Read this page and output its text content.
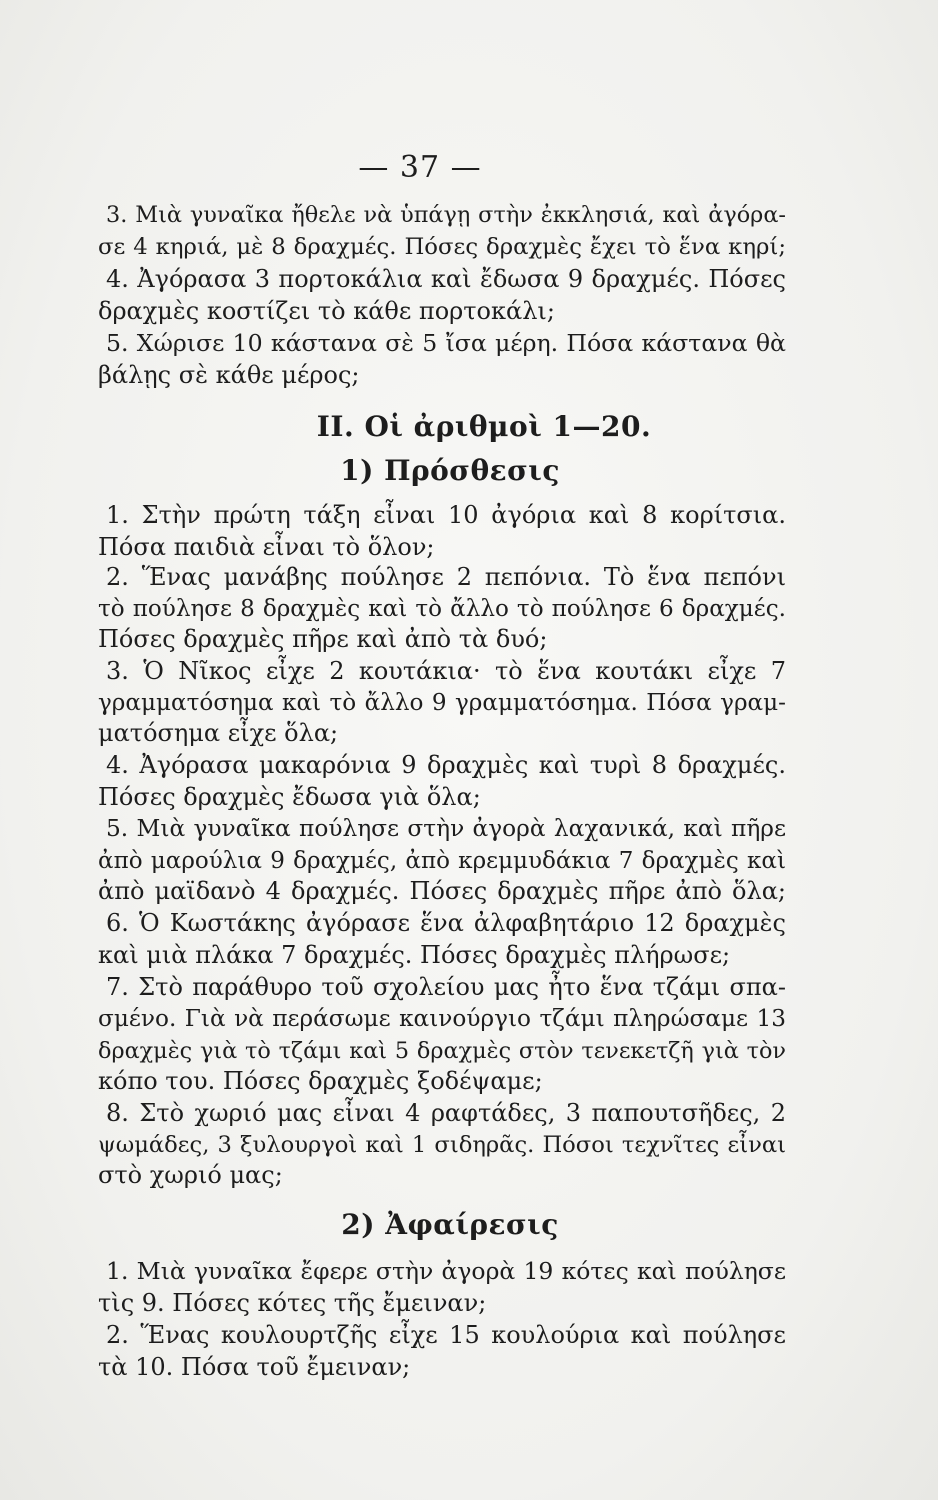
— 37 —
3. Μιὰ γυναῖκα ἤθελε νὰ ὑπάγῃ στὴν ἐκκλησιά, καὶ ἀγόρα-
σε 4 κηριά, μὲ 8 δραχμές. Πόσες δραχμὲς ἔχει τὸ ἕνα κηρί;
4. Ἀγόρασα 3 πορτοκάλια καὶ ἔδωσα 9 δραχμές. Πόσες
δραχμὲς κοστίζει τὸ κάθε πορτοκάλι;
5. Χώρισε 10 κάστανα σὲ 5 ἴσα μέρη. Πόσα κάστανα θὰ
βάλῃς σὲ κάθε μέρος;
II. Οἱ ἀριθμοὶ 1—20.
1) Πρόσθεσις
1. Στὴν πρώτη τάξη εἶναι 10 ἀγόρια καὶ 8 κορίτσια.
Πόσα παιδιὰ εἶναι τὸ ὅλον;
2. Ἕνας μανάβης πούλησε 2 πεπόνια. Τὸ ἕνα πεπόνι
τὸ πούλησε 8 δραχμὲς καὶ τὸ ἄλλο τὸ πούλησε 6 δραχμές.
Πόσες δραχμὲς πῆρε καὶ ἀπὸ τὰ δυό;
3. Ὁ Νῖκος εἶχε 2 κουτάκια· τὸ ἕνα κουτάκι εἶχε 7
γραμματόσημα καὶ τὸ ἄλλο 9 γραμματόσημα. Πόσα γραμ-
ματόσημα εἶχε ὅλα;
4. Ἀγόρασα μακαρόνια 9 δραχμὲς καὶ τυρὶ 8 δραχμές.
Πόσες δραχμὲς ἔδωσα γιὰ ὅλα;
5. Μιὰ γυναῖκα πούλησε στὴν ἀγορὰ λαχανικά, καὶ πῆρε
ἀπὸ μαρούλια 9 δραχμές, ἀπὸ κρεμμυδάκια 7 δραχμὲς καὶ
ἀπὸ μαϊδανὸ 4 δραχμές. Πόσες δραχμὲς πῆρε ἀπὸ ὅλα;
6. Ὁ Κωστάκης ἀγόρασε ἕνα ἀλφαβητάριο 12 δραχμὲς
καὶ μιὰ πλάκα 7 δραχμές. Πόσες δραχμὲς πλήρωσε;
7. Στὸ παράθυρο τοῦ σχολείου μας ἦτο ἕνα τζάμι σπα-
σμένο. Γιὰ νὰ περάσωμε καινούργιο τζάμι πληρώσαμε 13
δραχμὲς γιὰ τὸ τζάμι καὶ 5 δραχμὲς στὸν τενεκετζῆ γιὰ τὸν
κόπο του. Πόσες δραχμὲς ξοδέψαμε;
8. Στὸ χωριό μας εἶναι 4 ραφτάδες, 3 παπουτσῆδες, 2
ψωμάδες, 3 ξυλουργοὶ καὶ 1 σιδηρᾶς. Πόσοι τεχνῖτες εἶναι
στὸ χωριό μας;
2) Ἀφαίρεσις
1. Μιὰ γυναῖκα ἔφερε στὴν ἀγορὰ 19 κότες καὶ πούλησε
τὶς 9. Πόσες κότες τῆς ἔμειναν;
2. Ἕνας κουλουρτζῆς εἶχε 15 κουλούρια καὶ πούλησε
τὰ 10. Πόσα τοῦ ἔμειναν;
